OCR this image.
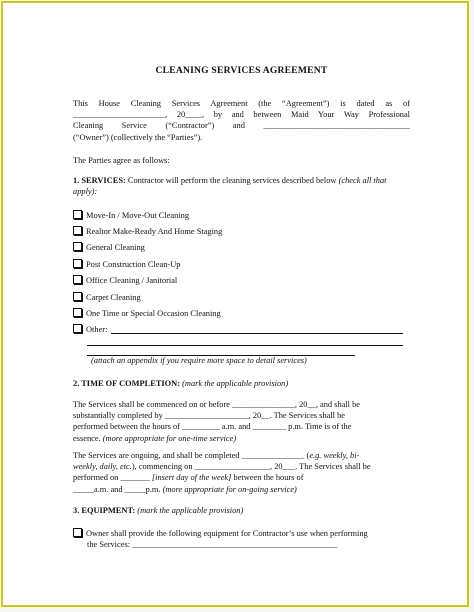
CLEANING SERVICES AGREEMENT
This House Cleaning Services Agreement (the “Agreement”) is dated as of
______________________, 20____, by and between Maid Your Way Professional
Cleaning Service (“Contractor”) and ___________________________________
(“Owner”) (collectively the “Parties”).
The Parties agree as follows:
1. SERVICES: Contractor will perform the cleaning services described below (check all that apply):
Move-In / Move-Out Cleaning
Realtor Make-Ready And Home Staging
General Cleaning
Post Construction Clean-Up
Office Cleaning / Janitorial
Carpet Cleaning
One Time or Special Occasion Cleaning
Other:
(attach an appendix if you require more space to detail services)
2. TIME OF COMPLETION: (mark the applicable provision)
The Services shall be commenced on or before _______________, 20__, and shall be
substantially completed by ____________________, 20__. The Services shall be
performed between the hours of _________ a.m. and ________ p.m. Time is of the
essence. (more appropriate for one-time service)
The Services are ongoing, and shall be completed _______________ (e.g. weekly, bi-
weekly, daily, etc.), commencing on __________________, 20___. The Services shall be
performed on _______ [insert day of the week] between the hours of
_____a.m. and _____p.m. (more appropriate for on-going service)
3. EQUIPMENT: (mark the applicable provision)
Owner shall provide the following equipment for Contractor’s use when performing
the Services: _________________________________________________
